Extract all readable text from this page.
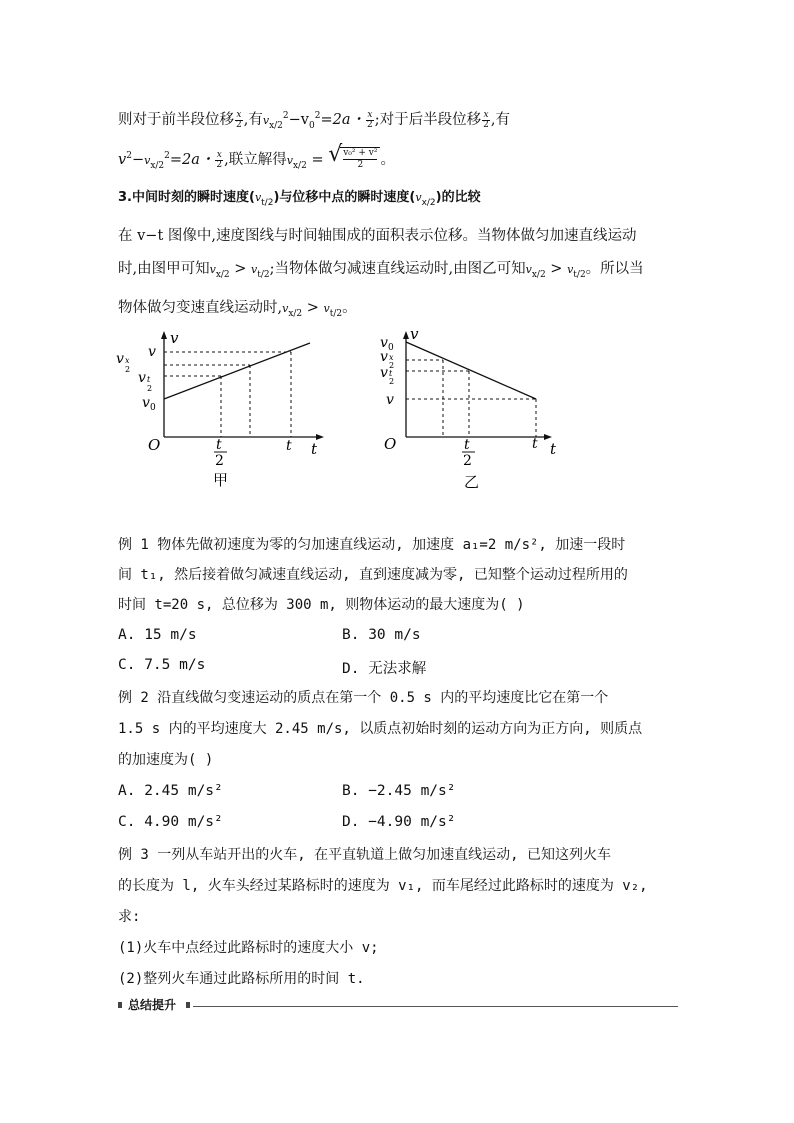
则对于前半段位移 $\frac{x}{2}$ ,有$v_{x/2}^2-v_0^2=2a$・ $\frac{x}{2}$ ;对于后半段位移 $\frac{x}{2}$ ,有
$v^2-v_{x/2}^2=2a$・ $\frac{x}{2}$ ,联立解得$v_{x/2}$ = √
$\frac{\text{v₀² + v²}}{2}$ 。
3.中间时刻的瞬时速度$(v_{t/2})$与位移中点的瞬时速度$(v_{x/2})$的比较
在 v−t 图像中,速度图线与时间轴围成的面积表示位移。当物体做匀加速直线运动
时,由图甲可知$v_{x/2} > v_{t/2}$;当物体做匀减速直线运动时,由图乙可知$v_{x/2} > v_{t/2}$。所以当
物体做匀变速直线运动时$,v_{x/2} > v_{t/2}$。
v
v
v x
2
v t
2
v 0
O	t
2
t t
甲
v
v 0
v x
2
v t
2
v
O	t
2
t t
乙
例 1 物体先做初速度为零的匀加速直线运动, 加速度 a₁=2 m/s², 加速一段时
间 t₁, 然后接着做匀减速直线运动, 直到速度减为零, 已知整个运动过程所用的
时间 t=20 s, 总位移为 300 m, 则物体运动的最大速度为( )
A. 15 m/s	B. 30 m/s
C. 7.5 m/s	D. 无法求解
例 2 沿直线做匀变速运动的质点在第一个 0.5 s 内的平均速度比它在第一个
1.5 s 内的平均速度大 2.45 m/s, 以质点初始时刻的运动方向为正方向, 则质点
的加速度为( )
A. 2.45 m/s²	B. −2.45 m/s²
C. 4.90 m/s²	D. −4.90 m/s²
例 3 一列从车站开出的火车, 在平直轨道上做匀加速直线运动, 已知这列火车
的长度为 l, 火车头经过某路标时的速度为 v₁, 而车尾经过此路标时的速度为 v₂,
求:
(1)火车中点经过此路标时的速度大小 v;
(2)整列火车通过此路标所用的时间 t.
总结提升
